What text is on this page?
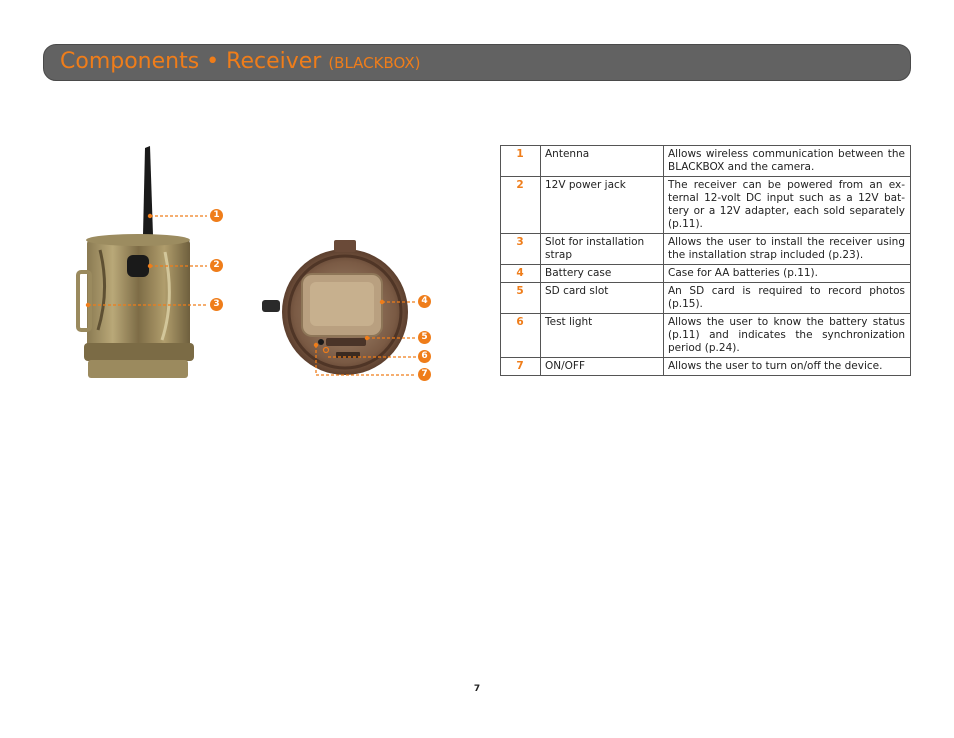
Components • Receiver (BLACKBOX)
1
2
3	4
5
6
7
1	Antenna	Allows wireless communication between the BLACKBOX and the camera.
2	12V power jack	The receiver can be powered from an external 12-volt DC input such as a 12V battery or a 12V adapter, each sold separately (p.11).
3	Slot for installation strap	Allows the user to install the receiver using the installation strap included (p.23).
4	Battery case	Case for AA batteries (p.11).
5	SD card slot	An SD card is required to record photos (p.15).
6	Test light	Allows the user to know the battery status (p.11) and indicates the synchronization period (p.24).
7	ON/OFF	Allows the user to turn on/off the device.
7
